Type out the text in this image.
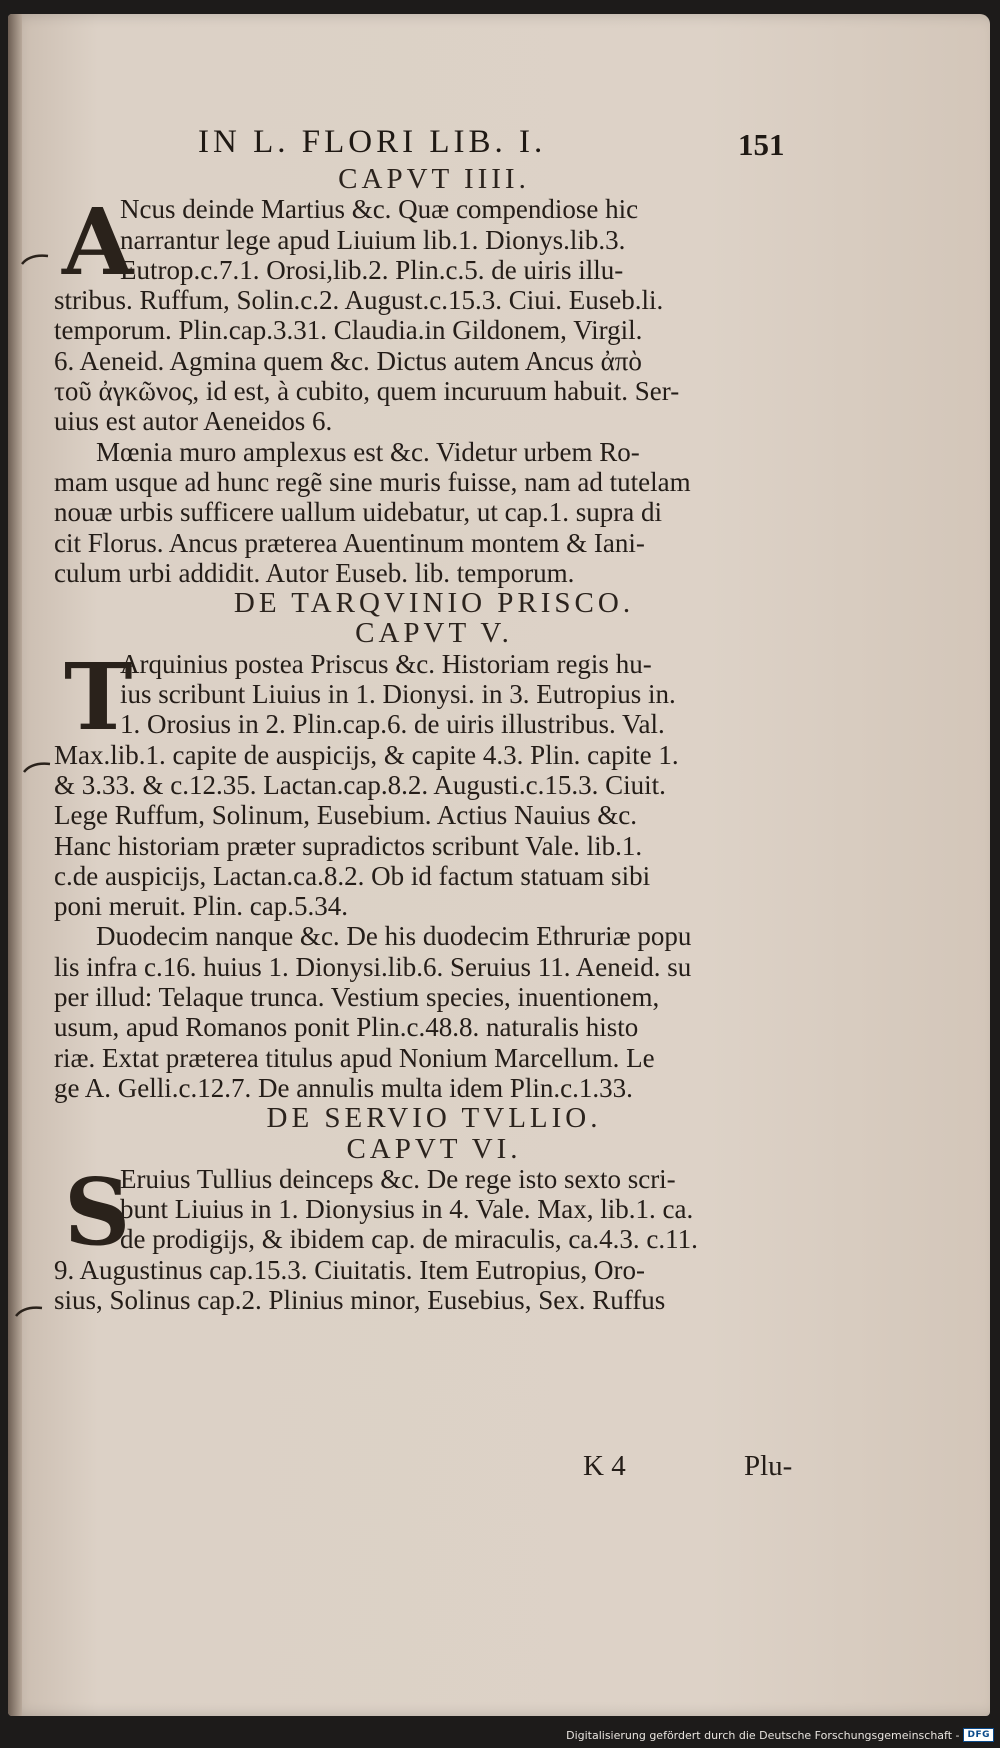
IN L. FLORI LIB. I.	151
CAPVT IIII.
A
Ncus deinde Martius &c. Quæ compendiose hic
narrantur lege apud Liuium lib.1. Dionys.lib.3.
Eutrop.c.7.1. Orosi,lib.2. Plin.c.5. de uiris illu-
stribus. Ruffum, Solin.c.2. August.c.15.3. Ciui. Euseb.li.
temporum. Plin.cap.3.31. Claudia.in Gildonem, Virgil.
6. Aeneid. Agmina quem &c. Dictus autem Ancus ἀπὸ
τοῦ ἀγκῶνος, id est, à cubito, quem incuruum habuit. Ser-
uius est autor Aeneidos 6.
Mœnia muro amplexus est &c. Videtur urbem Ro-
mam usque ad hunc regẽ sine muris fuisse, nam ad tutelam
nouæ urbis sufficere uallum uidebatur, ut cap.1. supra di
cit Florus. Ancus præterea Auentinum montem & Iani-
culum urbi addidit. Autor Euseb. lib. temporum.
DE TARQVINIO PRISCO.
CAPVT V.
T
Arquinius postea Priscus &c. Historiam regis hu-
ius scribunt Liuius in 1. Dionysi. in 3. Eutropius in.
1. Orosius in 2. Plin.cap.6. de uiris illustribus. Val.
Max.lib.1. capite de auspicijs, & capite 4.3. Plin. capite 1.
& 3.33. & c.12.35. Lactan.cap.8.2. Augusti.c.15.3. Ciuit.
Lege Ruffum, Solinum, Eusebium. Actius Nauius &c.
Hanc historiam præter supradictos scribunt Vale. lib.1.
c.de auspicijs, Lactan.ca.8.2. Ob id factum statuam sibi
poni meruit. Plin. cap.5.34.
Duodecim nanque &c. De his duodecim Ethruriæ popu
lis infra c.16. huius 1. Dionysi.lib.6. Seruius 11. Aeneid. su
per illud: Telaque trunca. Vestium species, inuentionem,
usum, apud Romanos ponit Plin.c.48.8. naturalis histo
riæ. Extat præterea titulus apud Nonium Marcellum. Le
ge A. Gelli.c.12.7. De annulis multa idem Plin.c.1.33.
DE SERVIO TVLLIO.
CAPVT VI.
S
Eruius Tullius deinceps &c. De rege isto sexto scri-
bunt Liuius in 1. Dionysius in 4. Vale. Max, lib.1. ca.
de prodigijs, & ibidem cap. de miraculis, ca.4.3. c.11.
9. Augustinus cap.15.3. Ciuitatis. Item Eutropius, Oro-
sius, Solinus cap.2. Plinius minor, Eusebius, Sex. Ruffus
K 4	Plu-
Digitalisierung gefördert durch die Deutsche Forschungsgemeinschaft - DFG
